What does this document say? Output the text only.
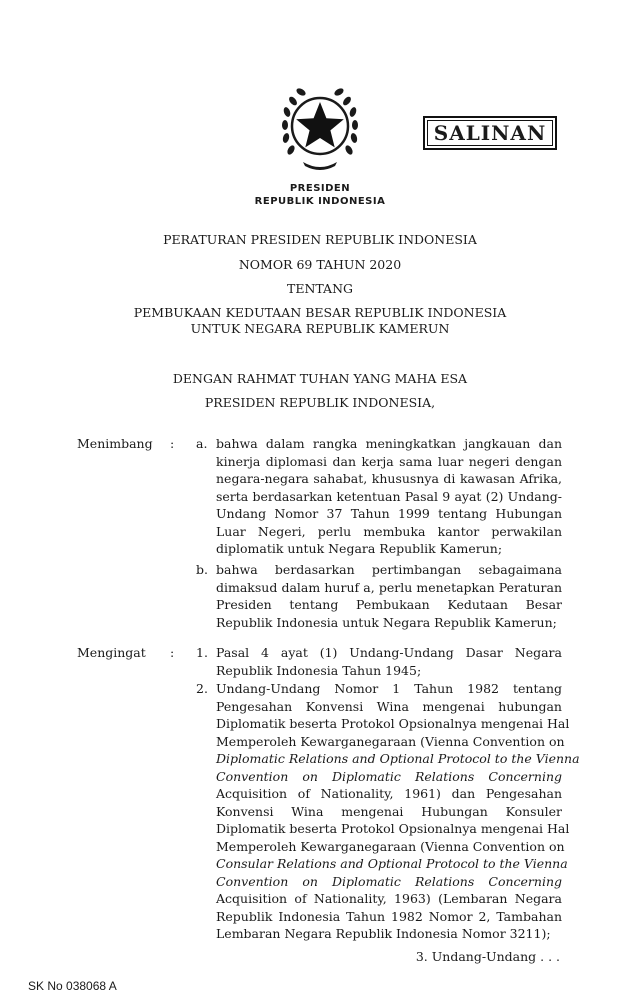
SALINAN
PRESIDEN
REPUBLIK INDONESIA
PERATURAN PRESIDEN REPUBLIK INDONESIA
NOMOR 69 TAHUN 2020
TENTANG
PEMBUKAAN KEDUTAAN BESAR REPUBLIK INDONESIA
UNTUK NEGARA REPUBLIK KAMERUN
DENGAN RAHMAT TUHAN YANG MAHA ESA
PRESIDEN REPUBLIK INDONESIA,
Menimbang : a. bahwa dalam rangka meningkatkan jangkauan dan
kinerja diplomasi dan kerja sama luar negeri dengan
negara-negara sahabat, khususnya di kawasan Afrika,
serta berdasarkan ketentuan Pasal 9 ayat (2) Undang-
Undang Nomor 37 Tahun 1999 tentang Hubungan
Luar Negeri, perlu membuka kantor perwakilan
diplomatik untuk Negara Republik Kamerun;
b. bahwa berdasarkan pertimbangan sebagaimana
dimaksud dalam huruf a, perlu menetapkan Peraturan
Presiden tentang Pembukaan Kedutaan Besar
Republik Indonesia untuk Negara Republik Kamerun;
Mengingat : 1. Pasal 4 ayat (1) Undang-Undang Dasar Negara
Republik Indonesia Tahun 1945;
2. Undang-Undang Nomor 1 Tahun 1982 tentang
Pengesahan Konvensi Wina mengenai hubungan
Diplomatik beserta Protokol Opsionalnya mengenai Hal
Memperoleh Kewarganegaraan (Vienna Convention on
Diplomatic Relations and Optional Protocol to the Vienna
Convention on Diplomatic Relations Concerning
Acquisition of Nationality, 1961) dan Pengesahan
Konvensi Wina mengenai Hubungan Konsuler
Diplomatik beserta Protokol Opsionalnya mengenai Hal
Memperoleh Kewarganegaraan (Vienna Convention on
Consular Relations and Optional Protocol to the Vienna
Convention on Diplomatic Relations Concerning
Acquisition of Nationality, 1963) (Lembaran Negara
Republik Indonesia Tahun 1982 Nomor 2, Tambahan
Lembaran Negara Republik Indonesia Nomor 3211);
3. Undang-Undang . . .
SK No 038068 A
